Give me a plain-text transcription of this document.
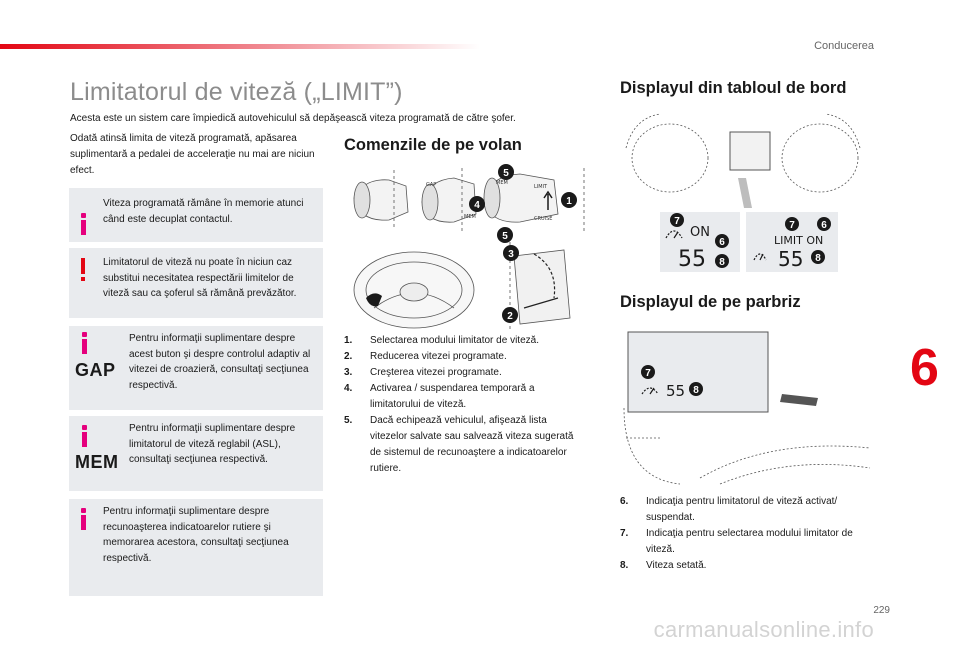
Conducerea
Limitatorul de viteză („LIMIT”)

Acesta este un sistem care împiedică autovehiculul să depăşească viteza programată de către şofer.

Odată atinsă limita de viteză programată, apăsarea suplimentară a pedalei de acceleraţie nu mai are niciun efect.

Viteza programată rămâne în memorie atunci când este decuplat contactul.
Limitatorul de viteză nu poate în niciun caz substitui necesitatea respectării limitelor de viteză sau ca şoferul să rămână prevăzător.
GAP
Pentru informaţii suplimentare despre acest buton şi despre controlul adaptiv al vitezei de croazieră, consultaţi secţiunea respectivă.
MEM
Pentru informaţii suplimentare despre limitatorul de viteză reglabil (ASL), consultaţi secţiunea respectivă.
Pentru informaţii suplimentare despre recunoaşterea indicatoarelor rutiere şi memorarea acestora, consultaţi secţiunea respectivă.
Comenzile de pe volan
GAP
MEM
MEM
LIMIT
CRUISE
1
2
3
4
5
5
1. Selectarea modului limitator de viteză.
2. Reducerea vitezei programate.
3. Creşterea vitezei programate.
4. Activarea / suspendarea temporară a limitatorului de viteză.
5. Dacă echipează vehiculul, afişează lista vitezelor salvate sau salvează viteza sugerată de sistemul de recunoaştere a indicatoarelor rutiere.
Displayul din tabloul de bord
ON
55
7
6
8
LIMIT ON
55
7	6
8
Displayul de pe parbriz
55
7
8
6. Indicaţia pentru limitatorul de viteză activat/ suspendat.
7. Indicaţia pentru selectarea modului limitator de viteză.
8. Viteza setată.
6
229
carmanualsonline.info
